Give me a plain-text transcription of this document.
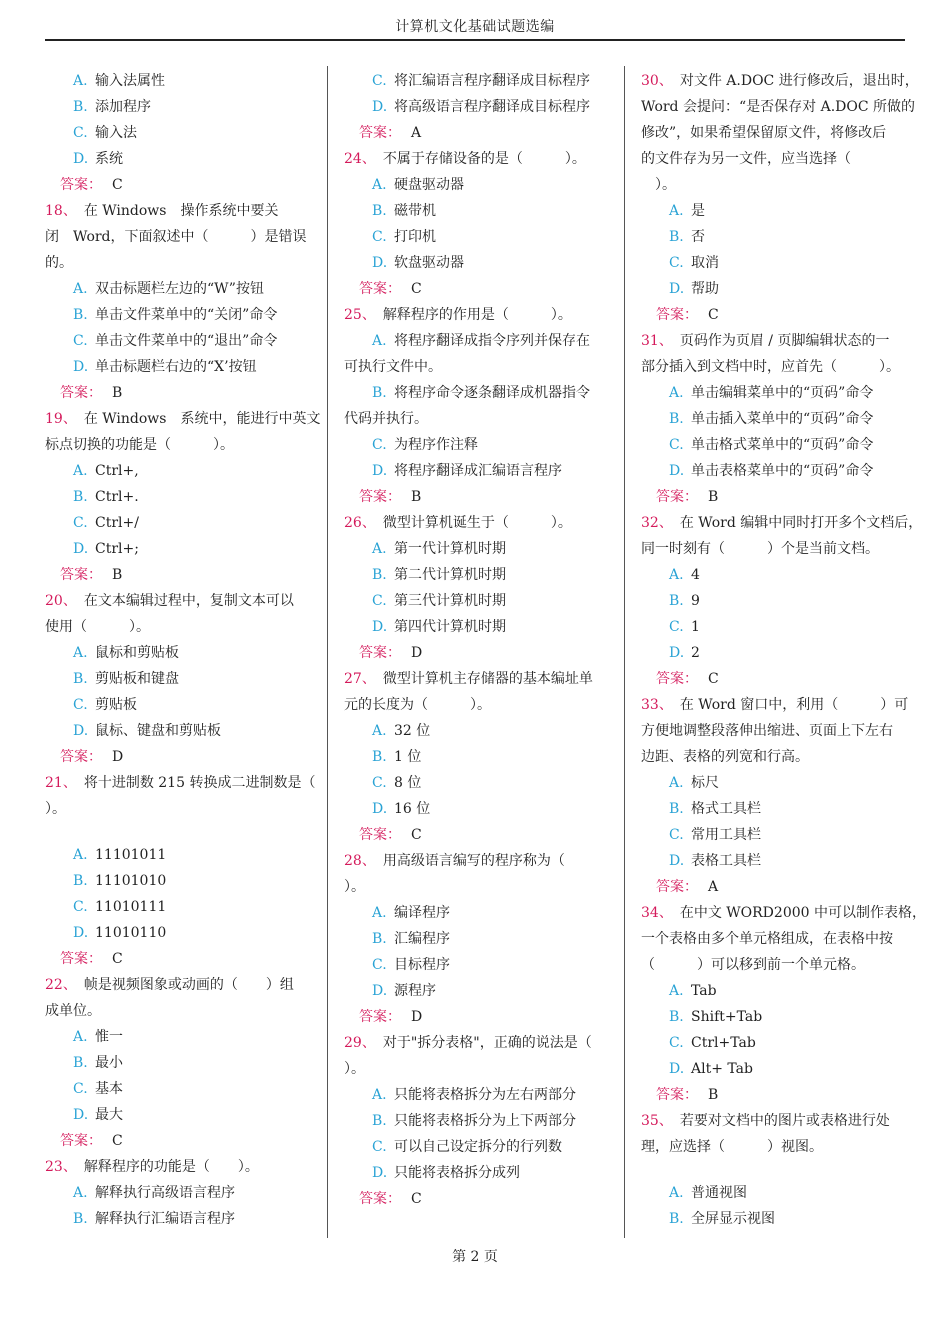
计算机文化基础试题选编
A. 输入法属性
B. 添加程序
C. 输入法
D. 系统
答案： C
18、　在 Windows　操作系统中要关
闭　Word，下面叙述中（　　　）是错误
的。
A. 双击标题栏左边的“W”按钮
B. 单击文件菜单中的“关闭”命令
C. 单击文件菜单中的“退出”命令
D. 单击标题栏右边的“X’按钮
答案： B
19、　在 Windows　系统中，能进行中英文
标点切换的功能是（　　　）。
A. Ctrl+,
B. Ctrl+.
C. Ctrl+/
D. Ctrl+;
答案： B
20、　在文本编辑过程中，复制文本可以
使用（　　　）。
A. 鼠标和剪贴板
B. 剪贴板和键盘
C. 剪贴板
D. 鼠标、键盘和剪贴板
答案： D
21、　将十进制数 215 转换成二进制数是（
）。
A. 11101011
B. 11101010
C. 11010111
D. 11010110
答案： C
22、　帧是视频图象或动画的（　　）组
成单位。
A. 惟一
B. 最小
C. 基本
D. 最大
答案： C
23、　解释程序的功能是（　　）。
A. 解释执行高级语言程序
B. 解释执行汇编语言程序
C. 将汇编语言程序翻译成目标程序
D. 将高级语言程序翻译成目标程序
答案： A
24、　不属于存储设备的是（　　　）。
A. 硬盘驱动器
B. 磁带机
C. 打印机
D. 软盘驱动器
答案： C
25、　解释程序的作用是（　　　）。
A. 将程序翻译成指令序列并保存在
可执行文件中。
B. 将程序命令逐条翻译成机器指令
代码并执行。
C. 为程序作注释
D. 将程序翻译成汇编语言程序
答案： B
26、　微型计算机诞生于（　　　）。
A. 第一代计算机时期
B. 第二代计算机时期
C. 第三代计算机时期
D. 第四代计算机时期
答案： D
27、　微型计算机主存储器的基本编址单
元的长度为（　　　）。
A. 32 位
B. 1 位
C. 8 位
D. 16 位
答案： C
28、　用高级语言编写的程序称为（
）。
A. 编译程序
B. 汇编程序
C. 目标程序
D. 源程序
答案： D
29、　对于"拆分表格"，正确的说法是（
）。
A. 只能将表格拆分为左右两部分
B. 只能将表格拆分为上下两部分
C. 可以自己设定拆分的行列数
D. 只能将表格拆分成列
答案： C
30、　对文件 A.DOC 进行修改后，退出时，
Word 会提问：“是否保存对 A.DOC 所做的
修改”，如果希望保留原文件，将修改后
的文件存为另一文件，应当选择（
　）。
A. 是
B. 否
C. 取消
D. 帮助
答案： C
31、　页码作为页眉 / 页脚编辑状态的一
部分插入到文档中时，应首先（　　　）。
A. 单击编辑菜单中的“页码”命令
B. 单击插入菜单中的“页码”命令
C. 单击格式菜单中的“页码”命令
D. 单击表格菜单中的“页码”命令
答案： B
32、　在 Word 编辑中同时打开多个文档后，
同一时刻有（　　　）个是当前文档。
A. 4
B. 9
C. 1
D. 2
答案： C
33、　在 Word 窗口中，利用（　　　）可
方便地调整段落伸出缩进、页面上下左右
边距、表格的列宽和行高。
A. 标尺
B. 格式工具栏
C. 常用工具栏
D. 表格工具栏
答案： A
34、　在中文 WORD2000 中可以制作表格，
一个表格由多个单元格组成，在表格中按
（　　　）可以移到前一个单元格。
A. Tab
B. Shift+Tab
C. Ctrl+Tab
D. Alt+ Tab
答案： B
35、　若要对文档中的图片或表格进行处
理，应选择（　　　）视图。
A. 普通视图
B. 全屏显示视图
第 2 页
